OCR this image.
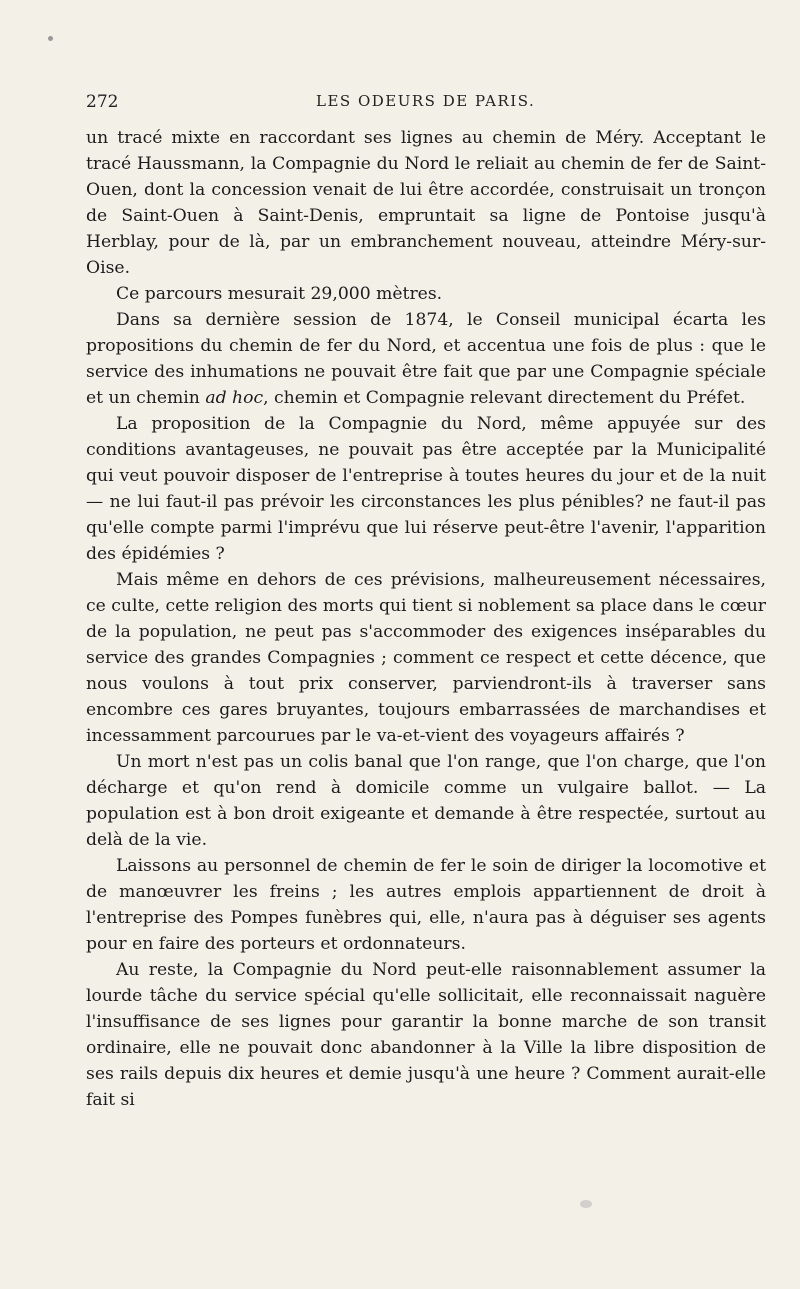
272	LES ODEURS DE PARIS.

un tracé mixte en raccordant ses lignes au chemin de Méry. Acceptant le tracé Haussmann, la Compagnie du Nord le reliait au chemin de fer de Saint-Ouen, dont la concession venait de lui être accordée, construisait un tronçon de Saint-Ouen à Saint-Denis, empruntait sa ligne de Pontoise jusqu'à Herblay, pour de là, par un embranchement nouveau, atteindre Méry-sur-Oise.

Ce parcours mesurait 29,000 mètres.

Dans sa dernière session de 1874, le Conseil municipal écarta les propositions du chemin de fer du Nord, et accentua une fois de plus : que le service des inhumations ne pouvait être fait que par une Compagnie spéciale et un chemin ad hoc, chemin et Compagnie relevant directement du Préfet.

La proposition de la Compagnie du Nord, même appuyée sur des conditions avantageuses, ne pouvait pas être acceptée par la Municipalité qui veut pouvoir disposer de l'entreprise à toutes heures du jour et de la nuit — ne lui faut-il pas prévoir les circonstances les plus pénibles? ne faut-il pas qu'elle compte parmi l'imprévu que lui réserve peut-être l'avenir, l'apparition des épidémies ?

Mais même en dehors de ces prévisions, malheureusement nécessaires, ce culte, cette religion des morts qui tient si noblement sa place dans le cœur de la population, ne peut pas s'accommoder des exigences inséparables du service des grandes Compagnies ; comment ce respect et cette décence, que nous voulons à tout prix conserver, parviendront-ils à traverser sans encombre ces gares bruyantes, toujours embarrassées de marchandises et incessamment parcourues par le va-et-vient des voyageurs affairés ?

Un mort n'est pas un colis banal que l'on range, que l'on charge, que l'on décharge et qu'on rend à domicile comme un vulgaire ballot. — La population est à bon droit exigeante et demande à être respectée, surtout au delà de la vie.

Laissons au personnel de chemin de fer le soin de diriger la locomotive et de manœuvrer les freins ; les autres emplois appartiennent de droit à l'entreprise des Pompes funèbres qui, elle, n'aura pas à déguiser ses agents pour en faire des porteurs et ordonnateurs.

Au reste, la Compagnie du Nord peut-elle raisonnablement assumer la lourde tâche du service spécial qu'elle sollicitait, elle reconnaissait naguère l'insuffisance de ses lignes pour garantir la bonne marche de son transit ordinaire, elle ne pouvait donc abandonner à la Ville la libre disposition de ses rails depuis dix heures et demie jusqu'à une heure ? Comment aurait-elle fait si
